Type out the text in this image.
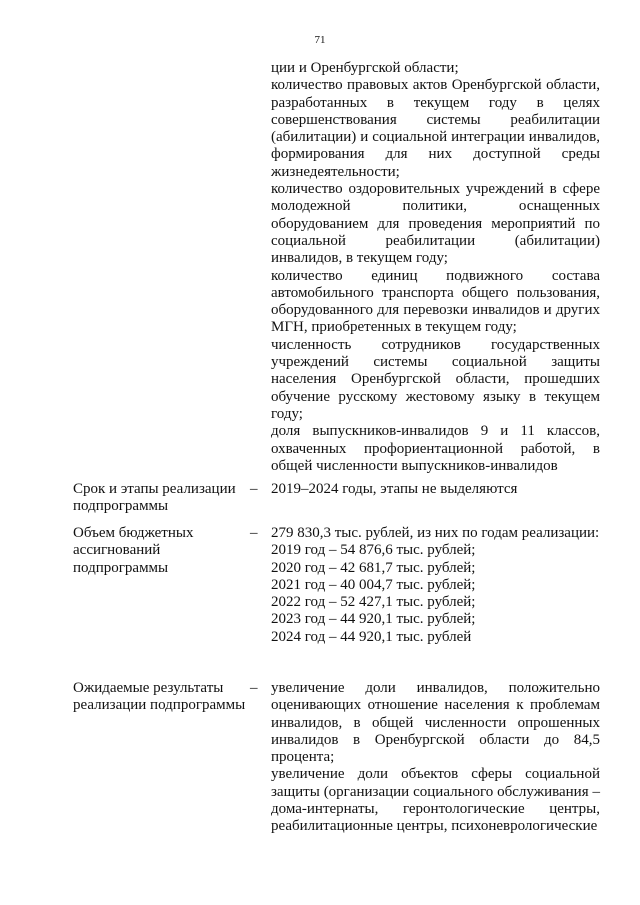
71
ции и Оренбургской области;
количество правовых актов Оренбургской области, разработанных в текущем году в целях совершенствования системы реабилитации (абилитации) и социальной интеграции инвалидов, формирования для них доступной среды жизнедеятельности;
количество оздоровительных учреждений в сфере молодежной политики, оснащенных оборудованием для проведения мероприятий по социальной реабилитации (абилитации) инвалидов, в текущем году;
количество единиц подвижного состава автомобильного транспорта общего пользования, оборудованного для перевозки инвалидов и других МГН, приобретенных в текущем году;
численность сотрудников государственных учреждений системы социальной защиты населения Оренбургской области, прошедших обучение русскому жестовому языку в текущем году;
доля выпускников-инвалидов 9 и 11 классов, охваченных профориентационной работой, в общей численности выпускников-инвалидов
Срок и этапы реализации подпрограммы
– 2019–2024 годы, этапы не выделяются
Объем бюджетных ассигнований подпрограммы
– 279 830,3 тыс. рублей, из них по годам реализации:
2019 год – 54 876,6 тыс. рублей;
2020 год – 42 681,7 тыс. рублей;
2021 год – 40 004,7 тыс. рублей;
2022 год – 52 427,1 тыс. рублей;
2023 год – 44 920,1 тыс. рублей;
2024 год – 44 920,1 тыс. рублей
Ожидаемые результаты реализации подпрограммы
– увеличение доли инвалидов, положительно оценивающих отношение населения к проблемам инвалидов, в общей численности опрошенных инвалидов в Оренбургской области до 84,5 процента;
увеличение доли объектов сферы социальной защиты (организации социального обслуживания – дома-интернаты, геронтологические центры, реабилитационные центры, психоневрологические
